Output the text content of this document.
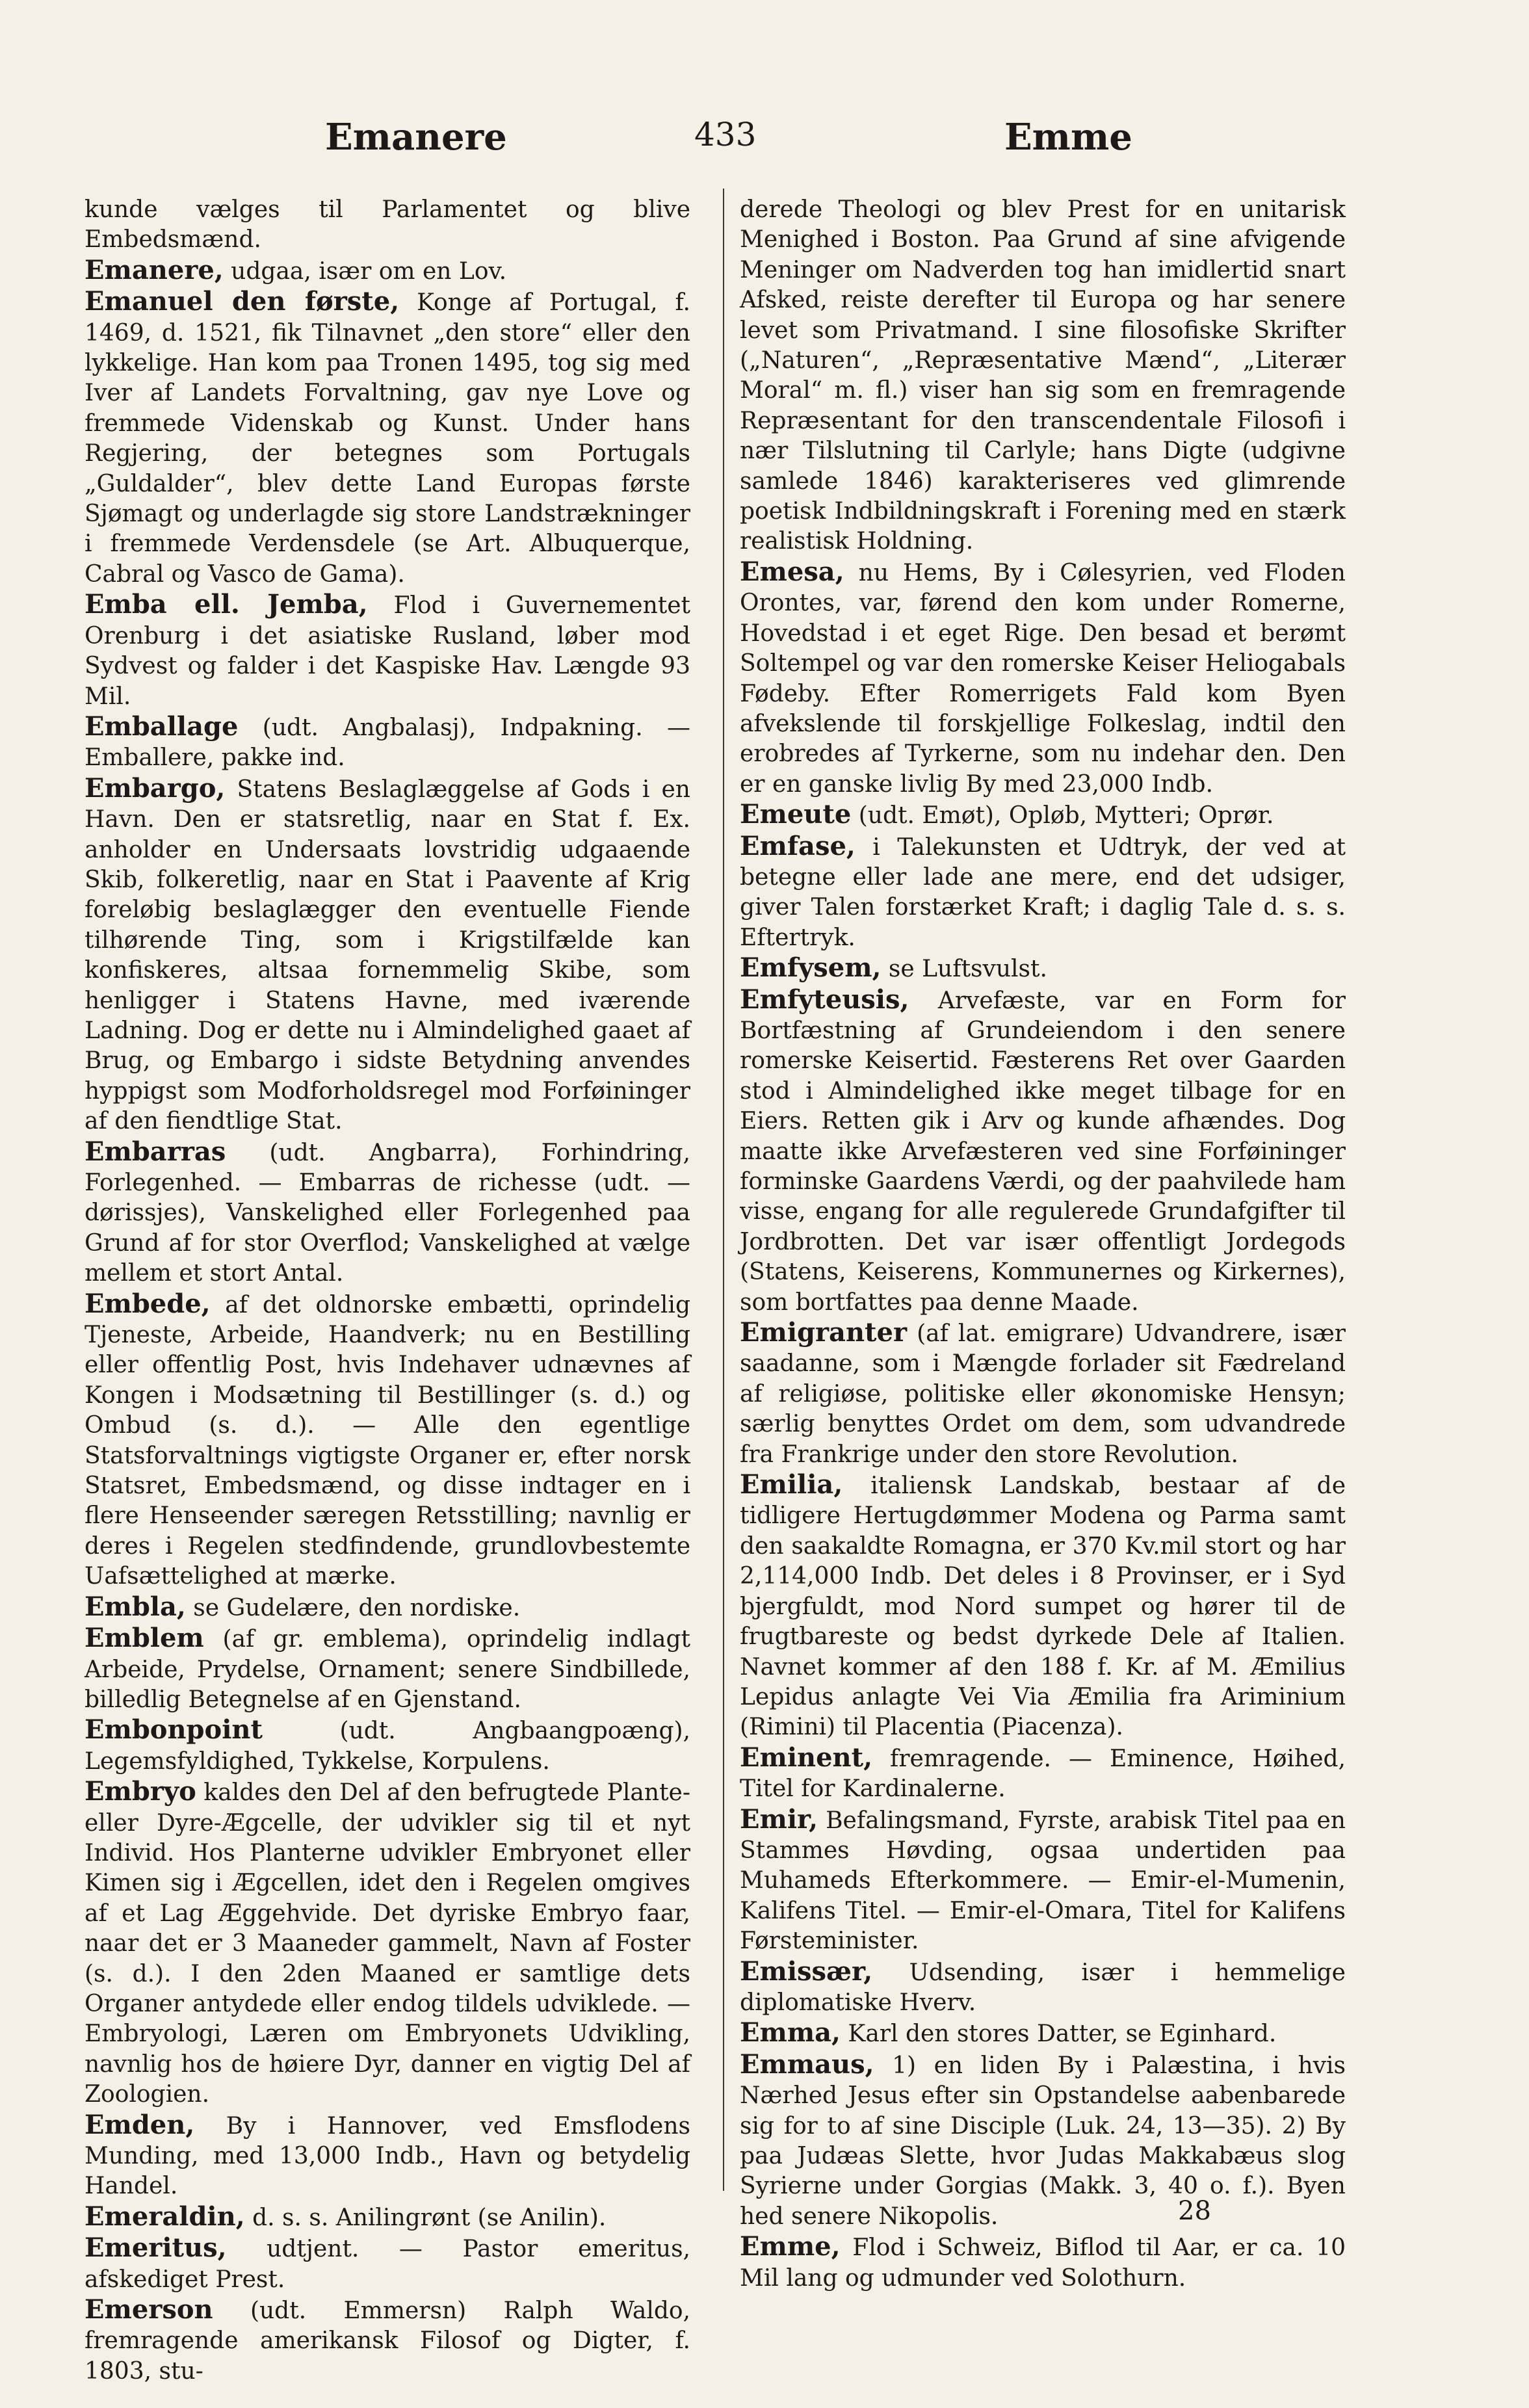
Emanere	433	Emme

kunde vælges til Parlamentet og blive Embedsmænd.

Emanere, udgaa, især om en Lov.

Emanuel den første, Konge af Portugal, f. 1469, d. 1521, fik Tilnavnet „den store“ eller den lykkelige. Han kom paa Tronen 1495, tog sig med Iver af Landets Forvaltning, gav nye Love og fremmede Videnskab og Kunst. Under hans Regjering, der betegnes som Portugals „Guldalder“, blev dette Land Europas første Sjømagt og underlagde sig store Landstrækninger i fremmede Verdensdele (se Art. Albuquerque, Cabral og Vasco de Gama).

Emba ell. Jemba, Flod i Guvernementet Orenburg i det asiatiske Rusland, løber mod Sydvest og falder i det Kaspiske Hav. Længde 93 Mil.

Emballage (udt. Angbalasj), Indpakning. — Emballere, pakke ind.

Embargo, Statens Beslaglæggelse af Gods i en Havn. Den er statsretlig, naar en Stat f. Ex. anholder en Undersaats lovstridig udgaaende Skib, folkeretlig, naar en Stat i Paavente af Krig foreløbig beslaglægger den eventuelle Fiende tilhørende Ting, som i Krigstilfælde kan konfiskeres, altsaa fornemmelig Skibe, som henligger i Statens Havne, med iværende Ladning. Dog er dette nu i Almindelighed gaaet af Brug, og Embargo i sidste Betydning anvendes hyppigst som Modforholdsregel mod Forføininger af den fiendtlige Stat.

Embarras (udt. Angbarra), Forhindring, Forlegenhed. — Embarras de richesse (udt. — dørissjes), Vanskelighed eller Forlegenhed paa Grund af for stor Overflod; Vanskelighed at vælge mellem et stort Antal.

Embede, af det oldnorske embætti, oprindelig Tjeneste, Arbeide, Haandverk; nu en Bestilling eller offentlig Post, hvis Indehaver udnævnes af Kongen i Modsætning til Bestillinger (s. d.) og Ombud (s. d.). — Alle den egentlige Statsforvaltnings vigtigste Organer er, efter norsk Statsret, Embedsmænd, og disse indtager en i flere Henseender særegen Retsstilling; navnlig er deres i Regelen stedfindende, grundlovbestemte Uafsættelighed at mærke.

Embla, se Gudelære, den nordiske.

Emblem (af gr. emblema), oprindelig indlagt Arbeide, Prydelse, Ornament; senere Sindbillede, billedlig Betegnelse af en Gjenstand.

Embonpoint (udt. Angbaangpoæng), Legemsfyldighed, Tykkelse, Korpulens.

Embryo kaldes den Del af den befrugtede Plante- eller Dyre-Ægcelle, der udvikler sig til et nyt Individ. Hos Planterne udvikler Embryonet eller Kimen sig i Ægcellen, idet den i Regelen omgives af et Lag Æggehvide. Det dyriske Embryo faar, naar det er 3 Maaneder gammelt, Navn af Foster (s. d.). I den 2den Maaned er samtlige dets Organer antydede eller endog tildels udviklede. — Embryologi, Læren om Embryonets Udvikling, navnlig hos de høiere Dyr, danner en vigtig Del af Zoologien.

Emden, By i Hannover, ved Emsflodens Munding, med 13,000 Indb., Havn og betydelig Handel.

Emeraldin, d. s. s. Anilingrønt (se Anilin).

Emeritus, udtjent. — Pastor emeritus, afskediget Prest.

Emerson (udt. Emmersn) Ralph Waldo, fremragende amerikansk Filosof og Digter, f. 1803, stu-

derede Theologi og blev Prest for en unitarisk Menighed i Boston. Paa Grund af sine afvigende Meninger om Nadverden tog han imidlertid snart Afsked, reiste derefter til Europa og har senere levet som Privatmand. I sine filosofiske Skrifter („Naturen“, „Repræsentative Mænd“, „Literær Moral“ m. fl.) viser han sig som en fremragende Repræsentant for den transcendentale Filosofi i nær Tilslutning til Carlyle; hans Digte (udgivne samlede 1846) karakteriseres ved glimrende poetisk Indbildningskraft i Forening med en stærk realistisk Holdning.

Emesa, nu Hems, By i Cølesyrien, ved Floden Orontes, var, førend den kom under Romerne, Hovedstad i et eget Rige. Den besad et berømt Soltempel og var den romerske Keiser Heliogabals Fødeby. Efter Romerrigets Fald kom Byen afvekslende til forskjellige Folkeslag, indtil den erobredes af Tyrkerne, som nu indehar den. Den er en ganske livlig By med 23,000 Indb.

Emeute (udt. Emøt), Opløb, Mytteri; Oprør.

Emfase, i Talekunsten et Udtryk, der ved at betegne eller lade ane mere, end det udsiger, giver Talen forstærket Kraft; i daglig Tale d. s. s. Eftertryk.

Emfysem, se Luftsvulst.

Emfyteusis, Arvefæste, var en Form for Bortfæstning af Grundeiendom i den senere romerske Keisertid. Fæsterens Ret over Gaarden stod i Almindelighed ikke meget tilbage for en Eiers. Retten gik i Arv og kunde afhændes. Dog maatte ikke Arvefæsteren ved sine Forføininger forminske Gaardens Værdi, og der paahvilede ham visse, engang for alle regulerede Grundafgifter til Jordbrotten. Det var især offentligt Jordegods (Statens, Keiserens, Kommunernes og Kirkernes), som bortfattes paa denne Maade.

Emigranter (af lat. emigrare) Udvandrere, især saadanne, som i Mængde forlader sit Fædreland af religiøse, politiske eller økonomiske Hensyn; særlig benyttes Ordet om dem, som udvandrede fra Frankrige under den store Revolution.

Emilia, italiensk Landskab, bestaar af de tidligere Hertugdømmer Modena og Parma samt den saakaldte Romagna, er 370 Kv.mil stort og har 2,114,000 Indb. Det deles i 8 Provinser, er i Syd bjergfuldt, mod Nord sumpet og hører til de frugtbareste og bedst dyrkede Dele af Italien. Navnet kommer af den 188 f. Kr. af M. Æmilius Lepidus anlagte Vei Via Æmilia fra Ariminium (Rimini) til Placentia (Piacenza).

Eminent, fremragende. — Eminence, Høihed, Titel for Kardinalerne.

Emir, Befalingsmand, Fyrste, arabisk Titel paa en Stammes Høvding, ogsaa undertiden paa Muhameds Efterkommere. — Emir-el-Mumenin, Kalifens Titel. — Emir-el-Omara, Titel for Kalifens Førsteminister.

Emissær, Udsending, især i hemmelige diplomatiske Hverv.

Emma, Karl den stores Datter, se Eginhard.

Emmaus, 1) en liden By i Palæstina, i hvis Nærhed Jesus efter sin Opstandelse aabenbarede sig for to af sine Disciple (Luk. 24, 13—35). 2) By paa Judæas Slette, hvor Judas Makkabæus slog Syrierne under Gorgias (Makk. 3, 40 o. f.). Byen hed senere Nikopolis.

Emme, Flod i Schweiz, Biflod til Aar, er ca. 10 Mil lang og udmunder ved Solothurn.

28
